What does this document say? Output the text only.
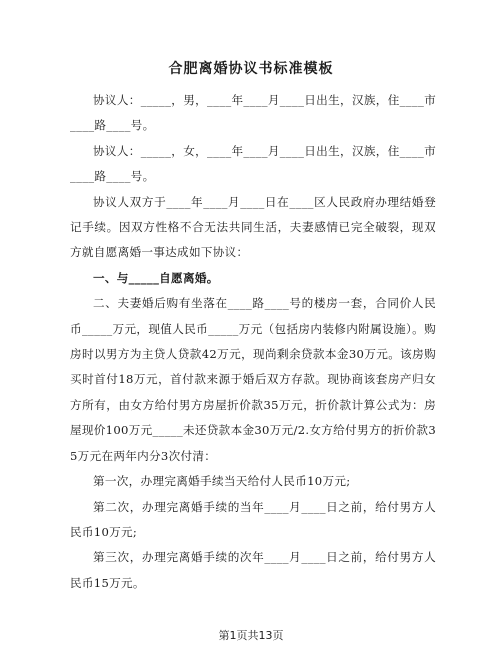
合肥离婚协议书标准模板

协议人：_____，男，____年____月____日出生，汉族，住____市____路____号。

协议人：_____，女，____年____月____日出生，汉族，住____市____路____号。

协议人双方于____年____月____日在____区人民政府办理结婚登记手续。因双方性格不合无法共同生活，夫妻感情已完全破裂，现双方就自愿离婚一事达成如下协议：

一、与_____自愿离婚。

二、夫妻婚后购有坐落在____路____号的楼房一套，合同价人民币_____万元，现值人民币_____万元（包括房内装修内附属设施）。购房时以男方为主贷人贷款42万元，现尚剩余贷款本金30万元。该房购买时首付18万元，首付款来源于婚后双方存款。现协商该套房产归女方所有，由女方给付男方房屋折价款35万元，折价款计算公式为：房屋现价100万元_____未还贷款本金30万元/2.女方给付男方的折价款35万元在两年内分3次付清：

第一次，办理完离婚手续当天给付人民币10万元;

第二次，办理完离婚手续的当年____月____日之前，给付男方人民币10万元;

第三次，办理完离婚手续的次年____月____日之前，给付男方人民币15万元。

第1页共13页
